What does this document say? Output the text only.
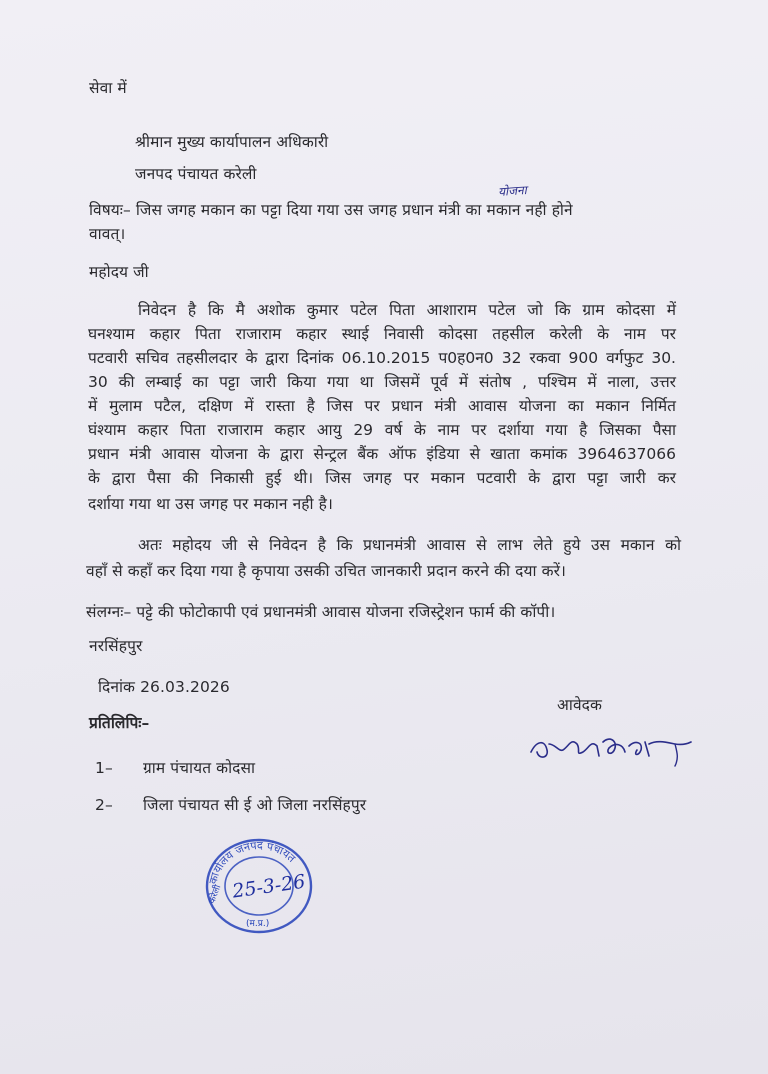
सेवा में
श्रीमान मुख्य कार्यापालन अधिकारी
जनपद पंचायत करेली
योजना
विषयः– जिस जगह मकान का पट्टा दिया गया उस जगह प्रधान मंत्री का मकान नही होने
वावत्।
महोदय जी
निवेदन है कि मै अशोक कुमार पटेल पिता आशाराम पटेल जो कि ग्राम कोदसा में
घनश्याम कहार पिता राजाराम कहार स्थाई निवासी कोदसा तहसील करेली के नाम पर
पटवारी सचिव तहसीलदार के द्वारा दिनांक 06.10.2015 प0ह0न0 32 रकवा 900 वर्गफुट 30.
30 की लम्बाई का पट्टा जारी किया गया था जिसमें पूर्व में संतोष , पश्चिम में नाला, उत्तर
में मुलाम पटैल, दक्षिण में रास्ता है जिस पर प्रधान मंत्री आवास योजना का मकान निर्मित
घंश्याम कहार पिता राजाराम कहार आयु 29 वर्ष के नाम पर दर्शाया गया है जिसका पैसा
प्रधान मंत्री आवास योजना के द्वारा सेन्ट्रल बैंक ऑफ इंडिया से खाता कमांक 3964637066
के द्वारा पैसा की निकासी हुई थी। जिस जगह पर मकान पटवारी के द्वारा पट्टा जारी कर
दर्शाया गया था उस जगह पर मकान नही है।
अतः महोदय जी से निवेदन है कि प्रधानमंत्री आवास से लाभ लेते हुये उस मकान को
वहाँ से कहाँ कर दिया गया है कृपाया उसकी उचित जानकारी प्रदान करने की दया करें।
संलग्नः– पट्टे की फोटोकापी एवं प्रधानमंत्री आवास योजना रजिस्ट्रेशन फार्म की कॉपी।
नरसिंहपुर
दिनांक 26.03.2026
आवेदक
प्रतिलिपिः–
1– ग्राम पंचायत कोदसा
2– जिला पंचायत सी ई ओ जिला नरसिंहपुर
कार्यालय जनपद पंचायत
करेली
(म.प्र.)
25-3-26
